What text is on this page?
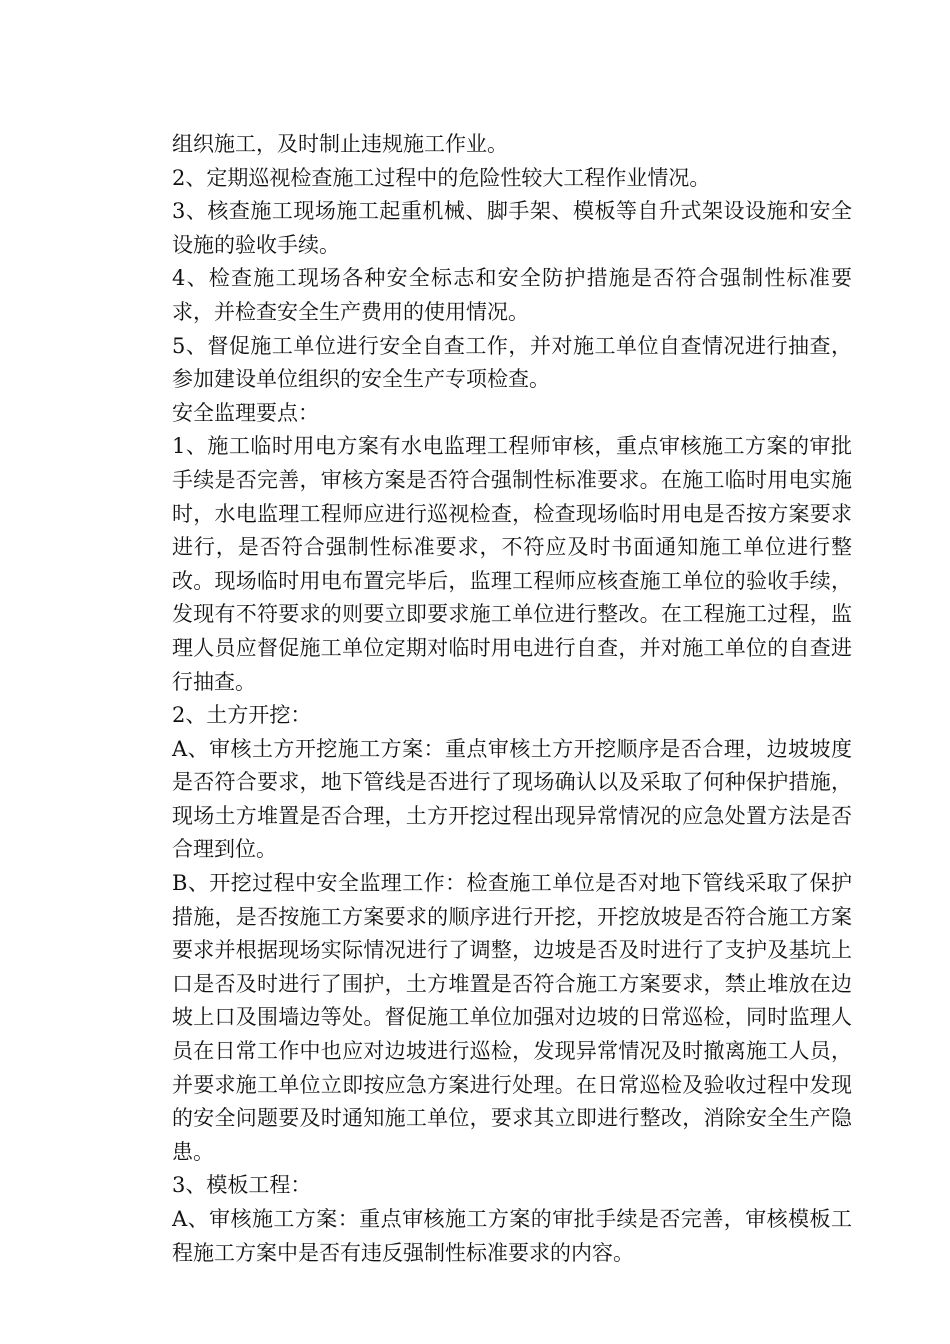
组织施工，及时制止违规施工作业。

2、定期巡视检查施工过程中的危险性较大工程作业情况。

3、核查施工现场施工起重机械、脚手架、模板等自升式架设设施和安全设施的验收手续。

4、检查施工现场各种安全标志和安全防护措施是否符合强制性标准要求，并检查安全生产费用的使用情况。

5、督促施工单位进行安全自查工作，并对施工单位自查情况进行抽查，参加建设单位组织的安全生产专项检查。

安全监理要点：

1、施工临时用电方案有水电监理工程师审核，重点审核施工方案的审批手续是否完善，审核方案是否符合强制性标准要求。在施工临时用电实施时，水电监理工程师应进行巡视检查，检查现场临时用电是否按方案要求进行，是否符合强制性标准要求，不符应及时书面通知施工单位进行整改。现场临时用电布置完毕后，监理工程师应核查施工单位的验收手续，发现有不符要求的则要立即要求施工单位进行整改。在工程施工过程，监理人员应督促施工单位定期对临时用电进行自查，并对施工单位的自查进行抽查。

2、土方开挖：

A、审核土方开挖施工方案：重点审核土方开挖顺序是否合理，边坡坡度是否符合要求，地下管线是否进行了现场确认以及采取了何种保护措施，现场土方堆置是否合理，土方开挖过程出现异常情况的应急处置方法是否合理到位。

B、开挖过程中安全监理工作：检查施工单位是否对地下管线采取了保护措施，是否按施工方案要求的顺序进行开挖，开挖放坡是否符合施工方案要求并根据现场实际情况进行了调整，边坡是否及时进行了支护及基坑上口是否及时进行了围护，土方堆置是否符合施工方案要求，禁止堆放在边坡上口及围墙边等处。督促施工单位加强对边坡的日常巡检，同时监理人员在日常工作中也应对边坡进行巡检，发现异常情况及时撤离施工人员，并要求施工单位立即按应急方案进行处理。在日常巡检及验收过程中发现的安全问题要及时通知施工单位，要求其立即进行整改，消除安全生产隐患。

3、模板工程：

A、审核施工方案：重点审核施工方案的审批手续是否完善，审核模板工程施工方案中是否有违反强制性标准要求的内容。
